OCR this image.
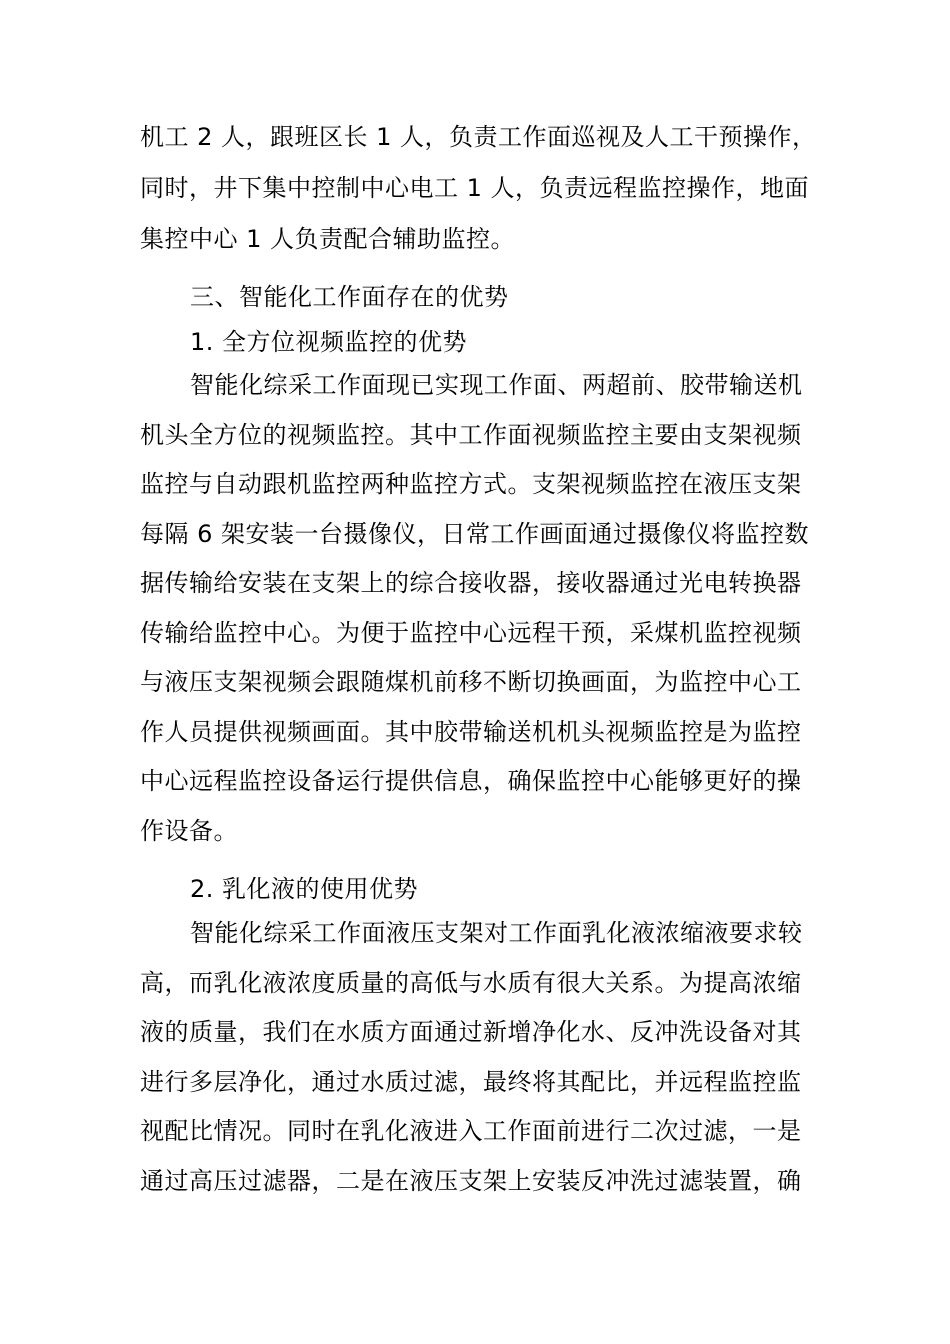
机工 2 人，跟班区长 1 人，负责工作面巡视及人工干预操作，
同时，井下集中控制中心电工 1 人，负责远程监控操作，地面
集控中心 1 人负责配合辅助监控。
三、智能化工作面存在的优势
1. 全方位视频监控的优势
智能化综采工作面现已实现工作面、两超前、胶带输送机
机头全方位的视频监控。其中工作面视频监控主要由支架视频
监控与自动跟机监控两种监控方式。支架视频监控在液压支架
每隔 6 架安装一台摄像仪，日常工作画面通过摄像仪将监控数
据传输给安装在支架上的综合接收器，接收器通过光电转换器
传输给监控中心。为便于监控中心远程干预，采煤机监控视频
与液压支架视频会跟随煤机前移不断切换画面，为监控中心工
作人员提供视频画面。其中胶带输送机机头视频监控是为监控
中心远程监控设备运行提供信息，确保监控中心能够更好的操
作设备。
2. 乳化液的使用优势
智能化综采工作面液压支架对工作面乳化液浓缩液要求较
高，而乳化液浓度质量的高低与水质有很大关系。为提高浓缩
液的质量，我们在水质方面通过新增净化水、反冲洗设备对其
进行多层净化，通过水质过滤，最终将其配比，并远程监控监
视配比情况。同时在乳化液进入工作面前进行二次过滤，一是
通过高压过滤器，二是在液压支架上安装反冲洗过滤装置，确
